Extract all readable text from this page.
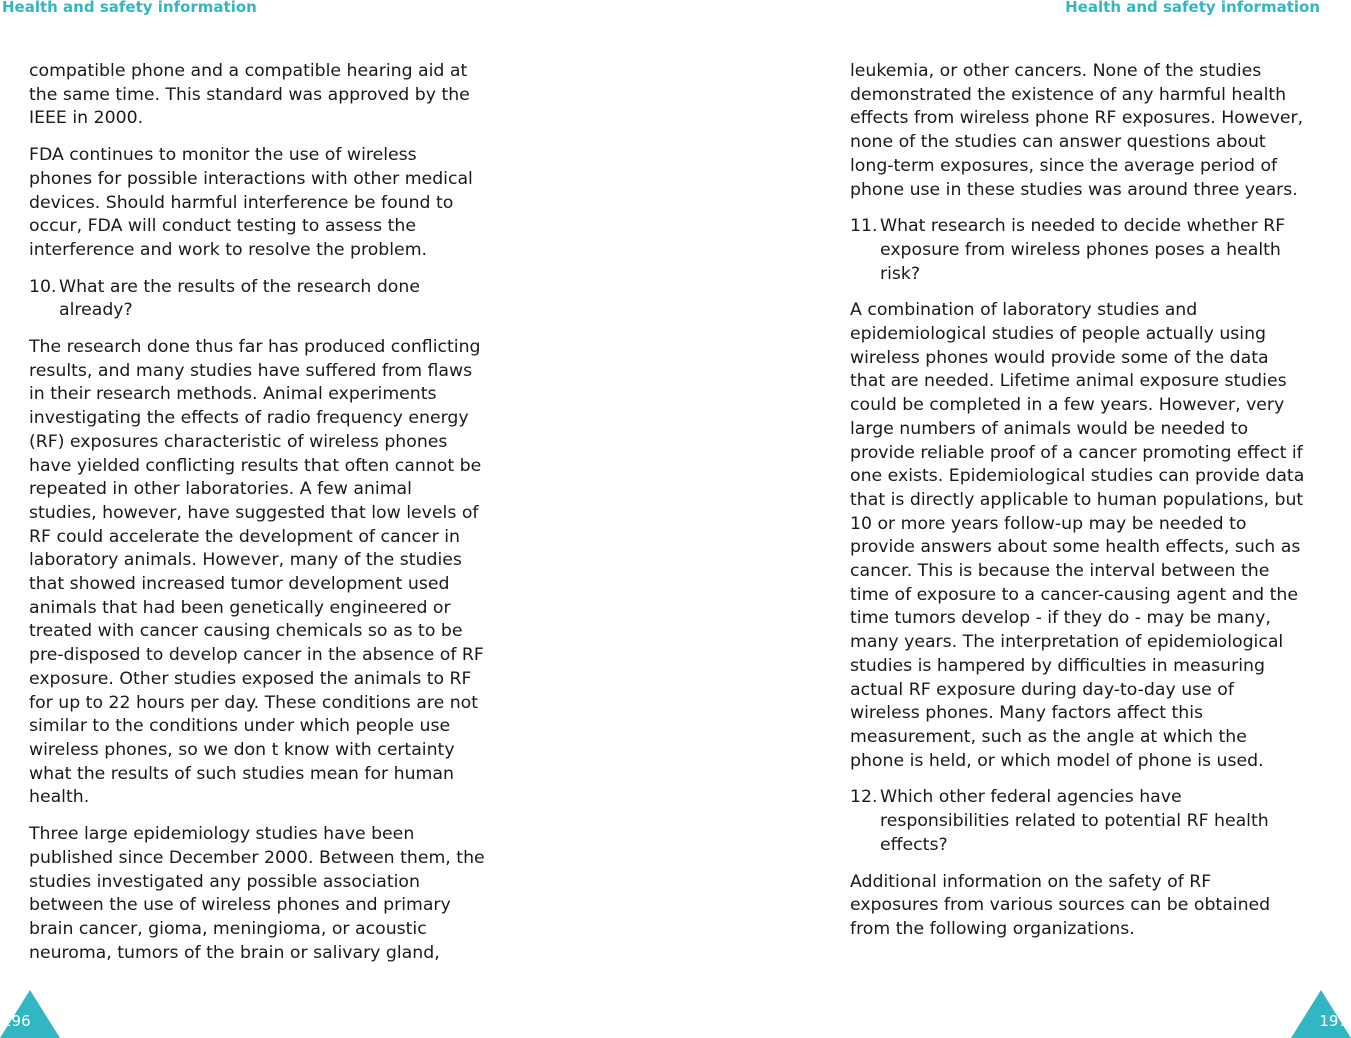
Health and safety information

compatible phone and a compatible hearing aid at
the same time. This standard was approved by the
IEEE in 2000.

FDA continues to monitor the use of wireless
phones for possible interactions with other medical
devices. Should harmful interference be found to
occur, FDA will conduct testing to assess the
interference and work to resolve the problem.

10. What are the results of the research done
already?

The research done thus far has produced conflicting
results, and many studies have suffered from flaws
in their research methods. Animal experiments
investigating the effects of radio frequency energy
(RF) exposures characteristic of wireless phones
have yielded conflicting results that often cannot be
repeated in other laboratories. A few animal
studies, however, have suggested that low levels of
RF could accelerate the development of cancer in
laboratory animals. However, many of the studies
that showed increased tumor development used
animals that had been genetically engineered or
treated with cancer causing chemicals so as to be
pre-disposed to develop cancer in the absence of RF
exposure. Other studies exposed the animals to RF
for up to 22 hours per day. These conditions are not
similar to the conditions under which people use
wireless phones, so we don t know with certainty
what the results of such studies mean for human
health.

Three large epidemiology studies have been
published since December 2000. Between them, the
studies investigated any possible association
between the use of wireless phones and primary
brain cancer, gioma, meningioma, or acoustic
neuroma, tumors of the brain or salivary gland,

196
Health and safety information

leukemia, or other cancers. None of the studies
demonstrated the existence of any harmful health
effects from wireless phone RF exposures. However,
none of the studies can answer questions about
long-term exposures, since the average period of
phone use in these studies was around three years.

11. What research is needed to decide whether RF
exposure from wireless phones poses a health
risk?

A combination of laboratory studies and
epidemiological studies of people actually using
wireless phones would provide some of the data
that are needed. Lifetime animal exposure studies
could be completed in a few years. However, very
large numbers of animals would be needed to
provide reliable proof of a cancer promoting effect if
one exists. Epidemiological studies can provide data
that is directly applicable to human populations, but
10 or more years follow-up may be needed to
provide answers about some health effects, such as
cancer. This is because the interval between the
time of exposure to a cancer-causing agent and the
time tumors develop - if they do - may be many,
many years. The interpretation of epidemiological
studies is hampered by difficulties in measuring
actual RF exposure during day-to-day use of
wireless phones. Many factors affect this
measurement, such as the angle at which the
phone is held, or which model of phone is used.

12. Which other federal agencies have
responsibilities related to potential RF health
effects?

Additional information on the safety of RF
exposures from various sources can be obtained
from the following organizations.

197
